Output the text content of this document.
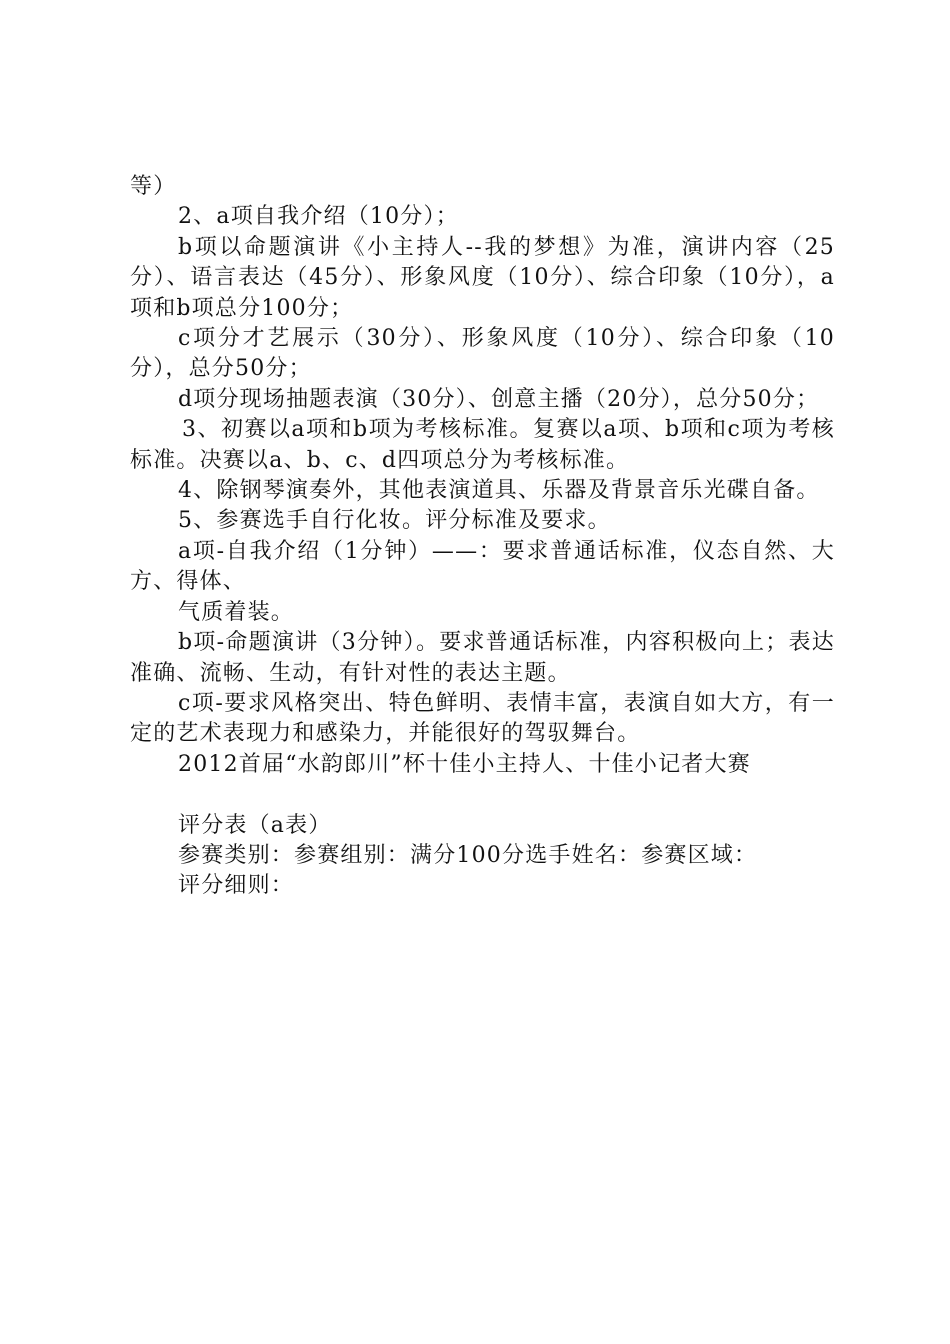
等）

2、a项自我介绍（10分）；

b项以命题演讲《小主持人--我的梦想》为准，演讲内容（25分）、语言表达（45分）、形象风度（10分）、综合印象（10分），a项和b项总分100分；

c项分才艺展示（30分）、形象风度（10分）、综合印象（10分），总分50分；

d项分现场抽题表演（30分）、创意主播（20分），总分50分；

3、初赛以a项和b项为考核标准。复赛以a项、b项和c项为考核标准。决赛以a、b、c、d四项总分为考核标准。

4、除钢琴演奏外，其他表演道具、乐器及背景音乐光碟自备。

5、参赛选手自行化妆。评分标准及要求。

a项-自我介绍（1分钟）——：要求普通话标准，仪态自然、大方、得体、

气质着装。

b项-命题演讲（3分钟）。要求普通话标准，内容积极向上；表达准确、流畅、生动，有针对性的表达主题。

c项-要求风格突出、特色鲜明、表情丰富，表演自如大方，有一定的艺术表现力和感染力，并能很好的驾驭舞台。

2012首届“水韵郎川”杯十佳小主持人、十佳小记者大赛

评分表（a表）

参赛类别：参赛组别：满分100分选手姓名：参赛区域：

评分细则：
